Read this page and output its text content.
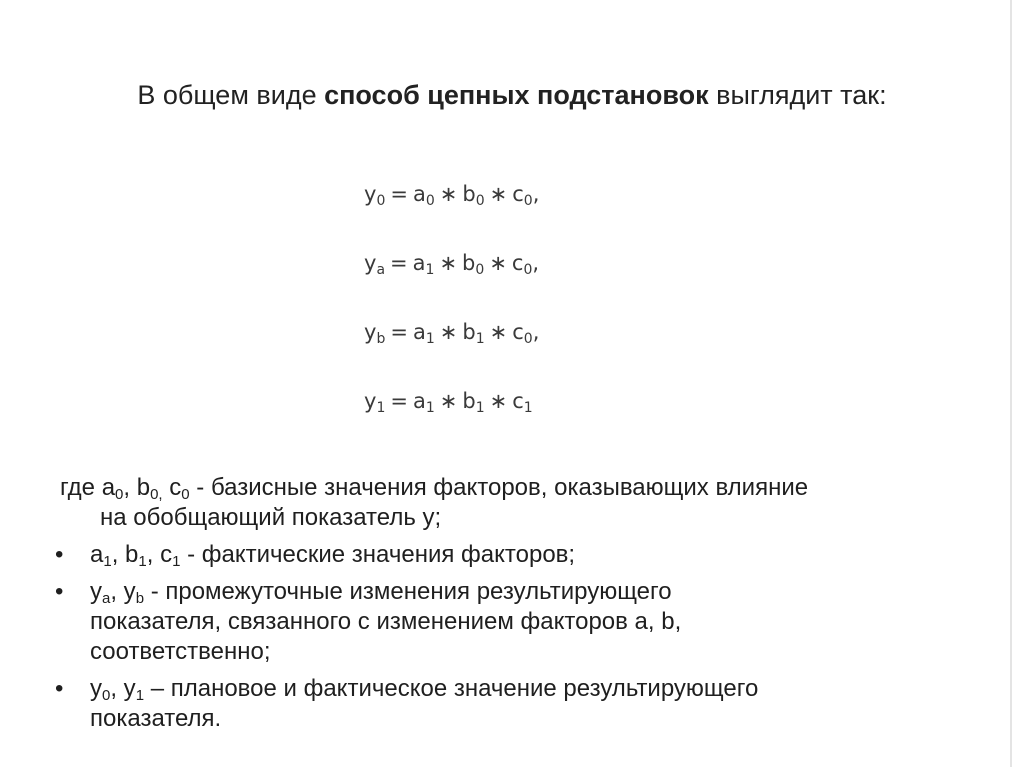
В общем виде способ цепных подстановок выглядит так:
$y_0 = a_0$ ∗ $b_0$ ∗ $c_0$,
$y_a = a_1$ ∗ $b_0$ ∗ $c_0$,
$y_b = a_1$ ∗ $b_1$ ∗ $c_0$,
$y_1 = a_1$ ∗ $b_1$ ∗ $c_1$
где $a_0$, $b_{0,}$ $c_0$ - базисные значения факторов, оказывающих влияние
на обобщающий показатель y;
• $a_1$, $b_1$, $c_1$ - фактические значения факторов;
• $y_a$, $y_b$ - промежуточные изменения результирующего
показателя, связанного с изменением факторов a, b,
соответственно;
• $y_0$, $y_1$ – плановое и фактическое значение результирующего
показателя.
